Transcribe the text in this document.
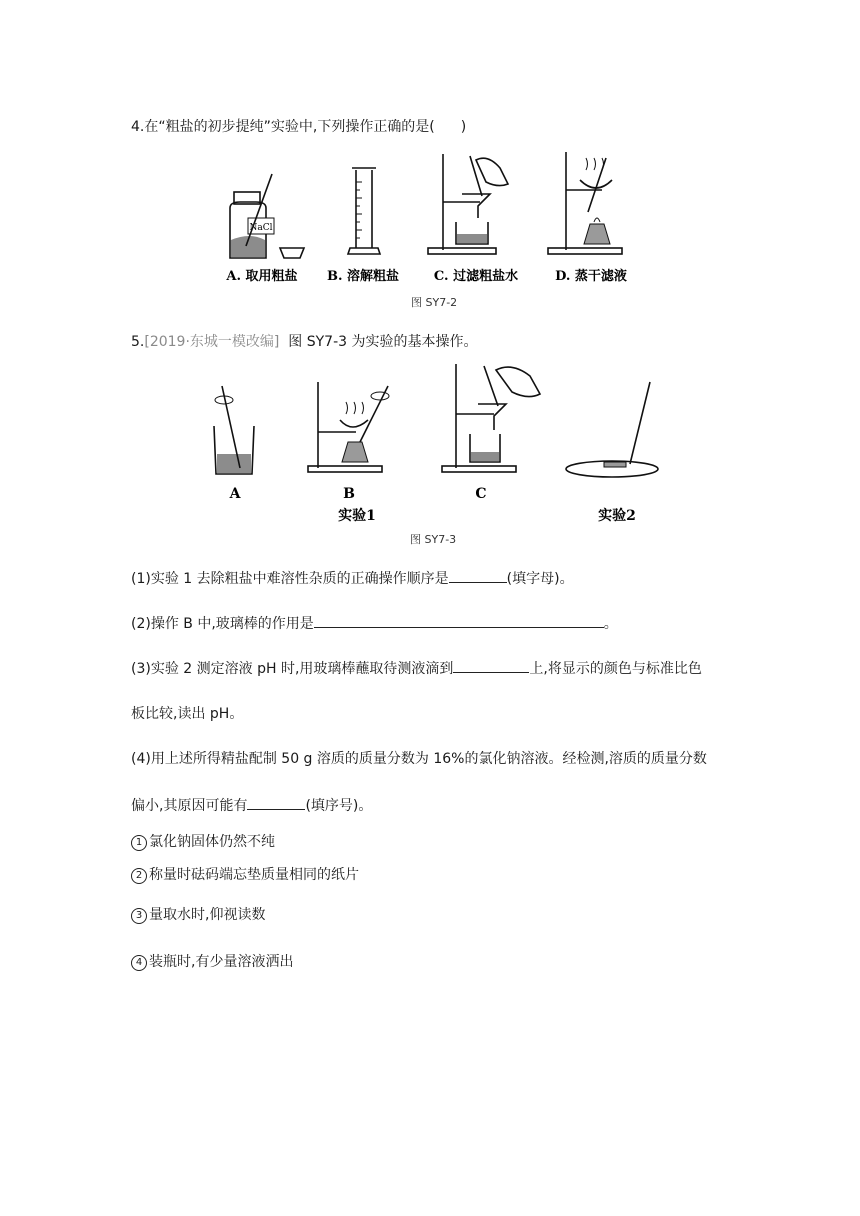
4.在“粗盐的初步提纯”实验中,下列操作正确的是( )
NaCl
A. 取用粗盐 B. 溶解粗盐	C. 过滤粗盐水	D. 蒸干滤液
图 SY7-2
5.[2019·东城一模改编] 图 SY7-3 为实验的基本操作。
A	B	C
实验1	实验2
图 SY7-3
(1)实验 1 去除粗盐中难溶性杂质的正确操作顺序是	(填字母)。
(2)操作 B 中,玻璃棒的作用是	。
(3)实验 2 测定溶液 pH 时,用玻璃棒蘸取待测液滴到	上,将显示的颜色与标准比色
板比较,读出 pH。
(4)用上述所得精盐配制 50 g 溶质的质量分数为 16%的氯化钠溶液。经检测,溶质的质量分数
偏小,其原因可能有	(填序号)。
1 氯化钠固体仍然不纯
2 称量时砝码端忘垫质量相同的纸片
3 量取水时,仰视读数
4 装瓶时,有少量溶液洒出
